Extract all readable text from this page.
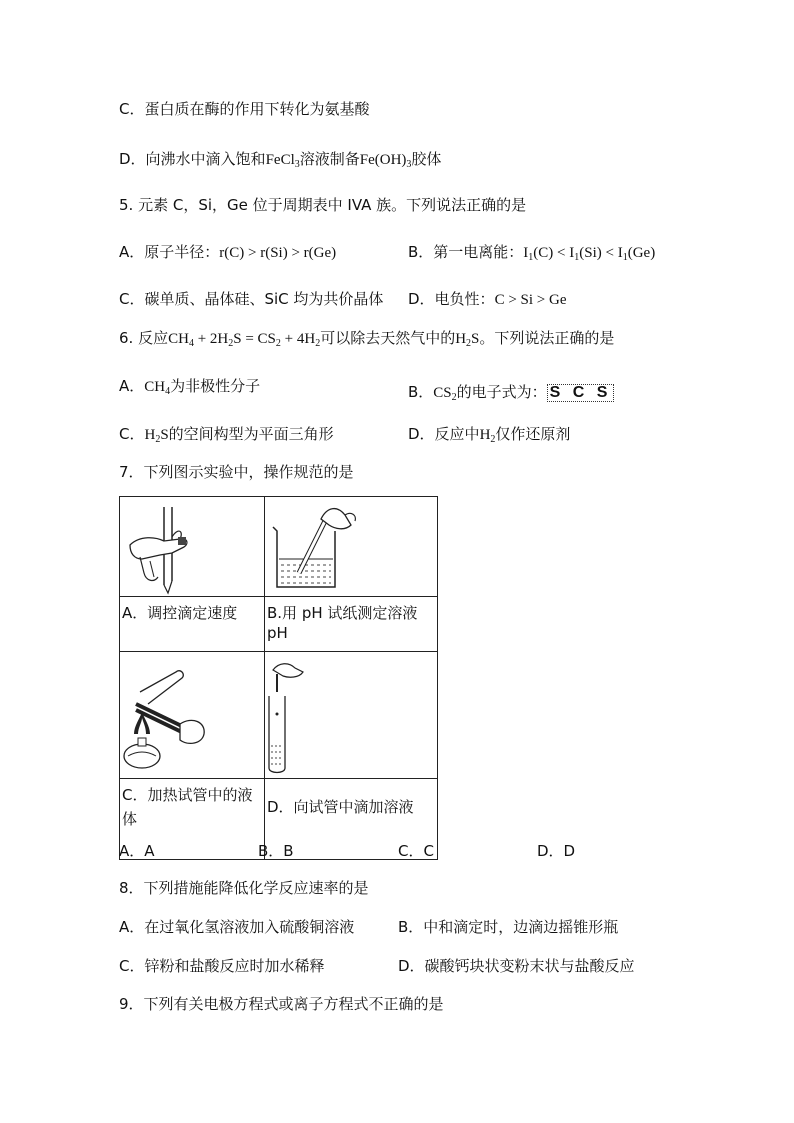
C．蛋白质在酶的作用下转化为氨基酸
D．向沸水中滴入饱和FeCl$_3$溶液制备$Fe(OH)_3$胶体
5. 元素 C，Si，Ge 位于周期表中 IVA 族。下列说法正确的是
A．原子半径：r(C) > r(Si) > r(Ge)	B．第一电离能：$I_1(C) < I_1(Si) < I_1(Ge)$
C．碳单质、晶体硅、SiC 均为共价晶体 D．电负性：C > Si > Ge
6. 反应$CH_4 + 2H_2S = CS_2 + 4H_2$可以除去天然气中的$H_2S$。下列说法正确的是
A．$CH_4$为非极性分子	B．$CS_2$的电子式为： S C S
C．$H_2S$的空间构型为平面三角形	D．反应中$H_2$仅作还原剂
7．下列图示实验中，操作规范的是

A．调控滴定速度	B.用 pH 试纸测定溶液 pH

C．加热试管中的液体	D．向试管中滴加溶液
A．A	B．B	C．C	D．D
8．下列措施能降低化学反应速率的是
A．在过氧化氢溶液加入硫酸铜溶液	B．中和滴定时，边滴边摇锥形瓶
C．锌粉和盐酸反应时加水稀释	D．碳酸钙块状变粉末状与盐酸反应
9．下列有关电极方程式或离子方程式不正确的是
